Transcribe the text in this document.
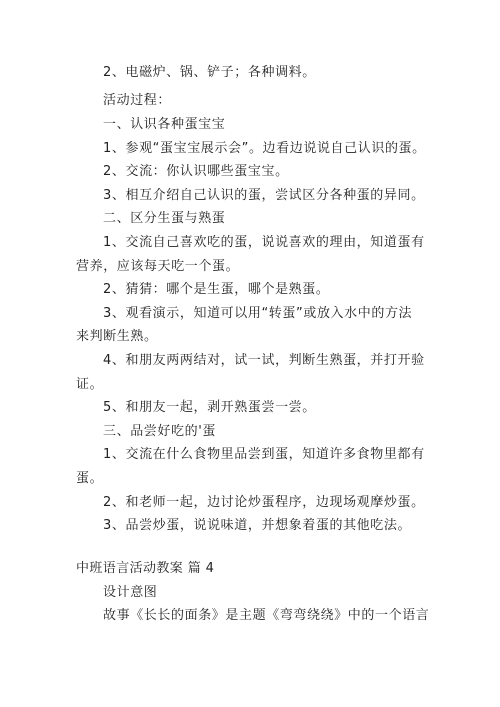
2、电磁炉、锅、铲子；各种调料。
活动过程：
一、认识各种蛋宝宝
1、参观“蛋宝宝展示会”。边看边说说自己认识的蛋。
2、交流：你认识哪些蛋宝宝。
3、相互介绍自己认识的蛋，尝试区分各种蛋的异同。
二、区分生蛋与熟蛋
1、交流自己喜欢吃的蛋，说说喜欢的理由，知道蛋有
营养，应该每天吃一个蛋。
2、猜猜：哪个是生蛋，哪个是熟蛋。
3、观看演示，知道可以用“转蛋”或放入水中的方法
来判断生熟。
4、和朋友两两结对，试一试，判断生熟蛋，并打开验
证。
5、和朋友一起，剥开熟蛋尝一尝。
三、品尝好吃的'蛋
1、交流在什么食物里品尝到蛋，知道许多食物里都有
蛋。
2、和老师一起，边讨论炒蛋程序，边现场观摩炒蛋。
3、品尝炒蛋，说说味道，并想象着蛋的其他吃法。
中班语言活动教案 篇 4
设计意图
故事《长长的面条》是主题《弯弯绕绕》中的一个语言
